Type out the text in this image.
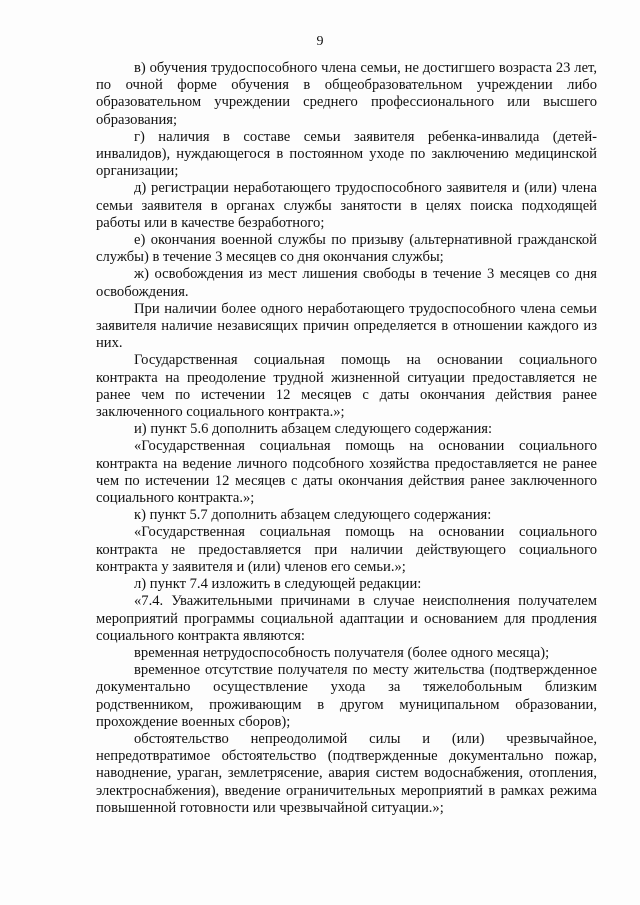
9

в) обучения трудоспособного члена семьи, не достигшего возраста 23 лет, по очной форме обучения в общеобразовательном учреждении либо образовательном учреждении среднего профессионального или высшего образования;

г) наличия в составе семьи заявителя ребенка-инвалида (детей-инвалидов), нуждающегося в постоянном уходе по заключению медицинской организации;

д) регистрации неработающего трудоспособного заявителя и (или) члена семьи заявителя в органах службы занятости в целях поиска подходящей работы или в качестве безработного;

е) окончания военной службы по призыву (альтернативной гражданской службы) в течение 3 месяцев со дня окончания службы;

ж) освобождения из мест лишения свободы в течение 3 месяцев со дня освобождения.

При наличии более одного неработающего трудоспособного члена семьи заявителя наличие независящих причин определяется в отношении каждого из них.

Государственная социальная помощь на основании социального контракта на преодоление трудной жизненной ситуации предоставляется не ранее чем по истечении 12 месяцев с даты окончания действия ранее заключенного социального контракта.»;

и) пункт 5.6 дополнить абзацем следующего содержания:

«Государственная социальная помощь на основании социального контракта на ведение личного подсобного хозяйства предоставляется не ранее чем по истечении 12 месяцев с даты окончания действия ранее заключенного социального контракта.»;

к) пункт 5.7 дополнить абзацем следующего содержания:

«Государственная социальная помощь на основании социального контракта не предоставляется при наличии действующего социального контракта у заявителя и (или) членов его семьи.»;

л) пункт 7.4 изложить в следующей редакции:

«7.4. Уважительными причинами в случае неисполнения получателем мероприятий программы социальной адаптации и основанием для продления социального контракта являются:

временная нетрудоспособность получателя (более одного месяца);

временное отсутствие получателя по месту жительства (подтвержденное документально осуществление ухода за тяжелобольным близким родственником, проживающим в другом муниципальном образовании, прохождение военных сборов);

обстоятельство непреодолимой силы и (или) чрезвычайное, непредотвратимое обстоятельство (подтвержденные документально пожар, наводнение, ураган, землетрясение, авария систем водоснабжения, отопления, электроснабжения), введение ограничительных мероприятий в рамках режима повышенной готовности или чрезвычайной ситуации.»;
